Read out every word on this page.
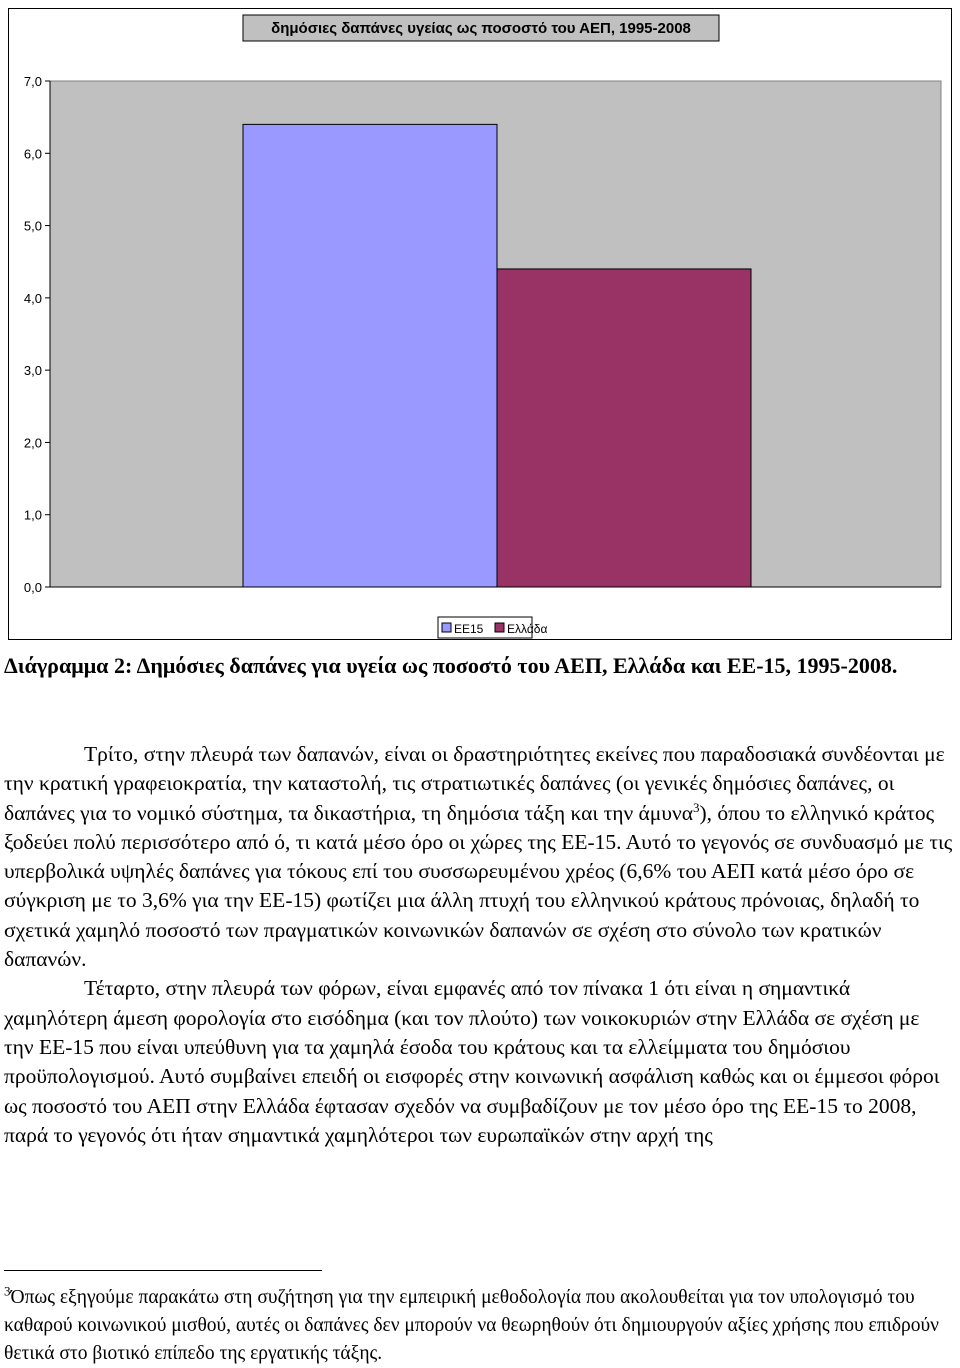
δημόσιες δαπάνες υγείας ως ποσοστό του ΑΕΠ, 1995-2008
0,0
1,0
2,0
3,0
4,0
5,0
6,0
7,0
ΕΕ15 Ελλάδα
Διάγραμμα 2: Δημόσιες δαπάνες για υγεία ως ποσοστό του ΑΕΠ, Ελλάδα και ΕΕ-15, 1995-2008.

Τρίτο, στην πλευρά των δαπανών, είναι οι δραστηριότητες εκείνες που παραδοσιακά συνδέονται με την κρατική γραφειοκρατία, την καταστολή, τις στρατιωτικές δαπάνες (οι γενικές δημόσιες δαπάνες, οι δαπάνες για το νομικό σύστημα, τα δικαστήρια, τη δημόσια τάξη και την άμυνα$^3$), όπου το ελληνικό κράτος ξοδεύει πολύ περισσότερο από ό, τι κατά μέσο όρο οι χώρες της ΕΕ-15. Αυτό το γεγονός σε συνδυασμό με τις υπερβολικά υψηλές δαπάνες για τόκους επί του συσσωρευμένου χρέος (6,6% του ΑΕΠ κατά μέσο όρο σε σύγκριση με το 3,6% για την ΕΕ-15) φωτίζει μια άλλη πτυχή του ελληνικού κράτους πρόνοιας, δηλαδή το σχετικά χαμηλό ποσοστό των πραγματικών κοινωνικών δαπανών σε σχέση στο σύνολο των κρατικών δαπανών.

Τέταρτο, στην πλευρά των φόρων, είναι εμφανές από τον πίνακα 1 ότι είναι η σημαντικά χαμηλότερη άμεση φορολογία στο εισόδημα (και τον πλούτο) των νοικοκυριών στην Ελλάδα σε σχέση με την ΕΕ-15 που είναι υπεύθυνη για τα χαμηλά έσοδα του κράτους και τα ελλείμματα του δημόσιου προϋπολογισμού. Αυτό συμβαίνει επειδή οι εισφορές στην κοινωνική ασφάλιση καθώς και οι έμμεσοι φόροι ως ποσοστό του ΑΕΠ στην Ελλάδα έφτασαν σχεδόν να συμβαδίζουν με τον μέσο όρο της ΕΕ-15 το 2008, παρά το γεγονός ότι ήταν σημαντικά χαμηλότεροι των ευρωπαϊκών στην αρχή της

$^3$Όπως εξηγούμε παρακάτω στη συζήτηση για την εμπειρική μεθοδολογία που ακολουθείται για τον υπολογισμό του καθαρού κοινωνικού μισθού, αυτές οι δαπάνες δεν μπορούν να θεωρηθούν ότι δημιουργούν αξίες χρήσης που επιδρούν θετικά στο βιοτικό επίπεδο της εργατικής τάξης.
